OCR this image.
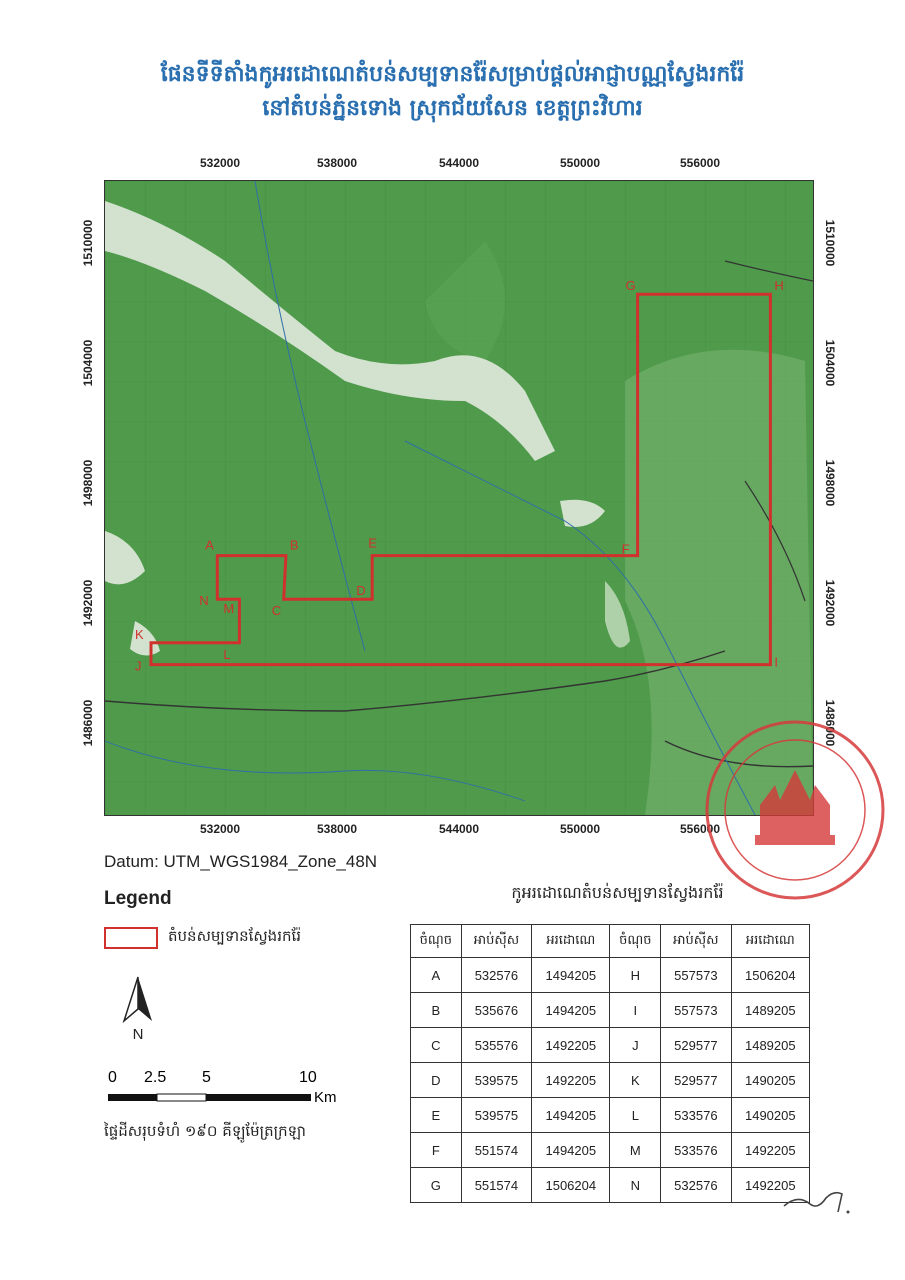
ផែនទីទីតាំងកូអរដោណេតំបន់សម្បទានរ៉ែសម្រាប់ផ្តល់អាជ្ញាបណ្ណស្វែងរករ៉ែ
នៅតំបន់ភ្នំនទោង ស្រុកជ័យសែន ខេត្តព្រះវិហារ
532000	538000	544000	550000	556000
532000	538000	544000	550000	556000
1510000
1504000
1498000
1492000
1486000
1510000
1504000
1498000
1492000
1486000
A	B
C
D
E	F
G	H
I
J
K
L
M
N
Datum: UTM_WGS1984_Zone_48N
Legend
តំបន់សម្បទានស្វែងរករ៉ែ
N
0 2.5 5	10
Km
ផ្ទៃដីសរុបទំហំ ១៩០ គីឡូម៉ែត្រក្រឡា
កូអរដោណេតំបន់សម្បទានស្វែងរករ៉ែ
ចំណុច	អាប់ស៊ីស	អរដោណេ	ចំណុច	អាប់ស៊ីស	អរដោណេ
A	532576	1494205	H	557573	1506204
B	535676	1494205	I	557573	1489205
C	535576	1492205	J	529577	1489205
D	539575	1492205	K	529577	1490205
E	539575	1494205	L	533576	1490205
F	551574	1494205	M	533576	1492205
G	551574	1506204	N	532576	1492205
